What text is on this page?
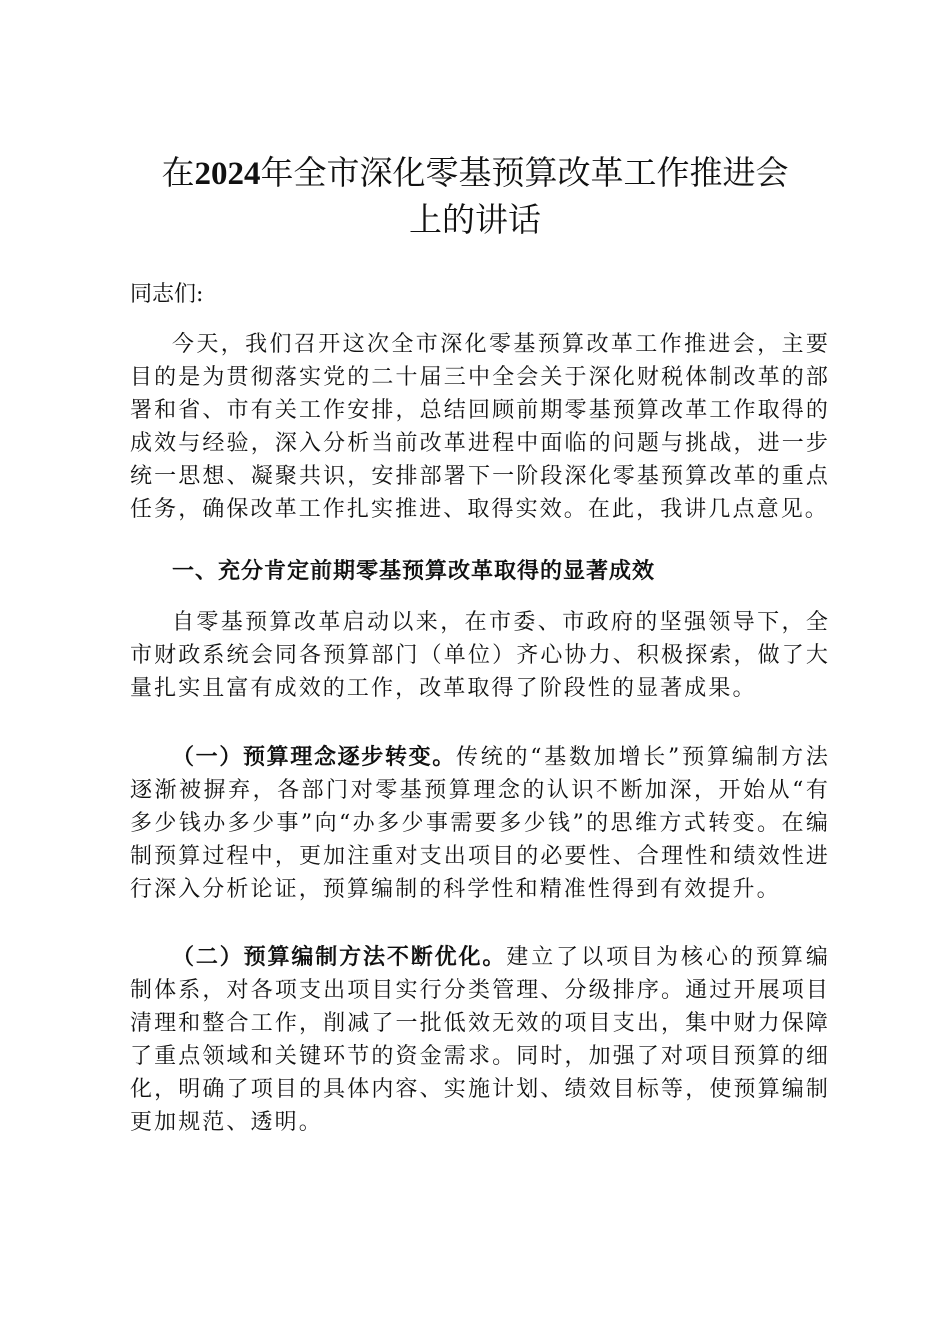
在2024年全市深化零基预算改革工作推进会
上的讲话

同志们:

今天，我们召开这次全市深化零基预算改革工作推进会，主要目的是为贯彻落实党的二十届三中全会关于深化财税体制改革的部署和省、市有关工作安排，总结回顾前期零基预算改革工作取得的成效与经验，深入分析当前改革进程中面临的问题与挑战，进一步统一思想、凝聚共识，安排部署下一阶段深化零基预算改革的重点任务，确保改革工作扎实推进、取得实效。在此，我讲几点意见。

一、充分肯定前期零基预算改革取得的显著成效

自零基预算改革启动以来，在市委、市政府的坚强领导下，全市财政系统会同各预算部门（单位）齐心协力、积极探索，做了大量扎实且富有成效的工作，改革取得了阶段性的显著成果。

（一）预算理念逐步转变。传统的“基数加增长”预算编制方法逐渐被摒弃，各部门对零基预算理念的认识不断加深，开始从“有多少钱办多少事”向“办多少事需要多少钱”的思维方式转变。在编制预算过程中，更加注重对支出项目的必要性、合理性和绩效性进行深入分析论证，预算编制的科学性和精准性得到有效提升。

（二）预算编制方法不断优化。建立了以项目为核心的预算编制体系，对各项支出项目实行分类管理、分级排序。通过开展项目清理和整合工作，削减了一批低效无效的项目支出，集中财力保障了重点领域和关键环节的资金需求。同时，加强了对项目预算的细化，明确了项目的具体内容、实施计划、绩效目标等，使预算编制更加规范、透明。
